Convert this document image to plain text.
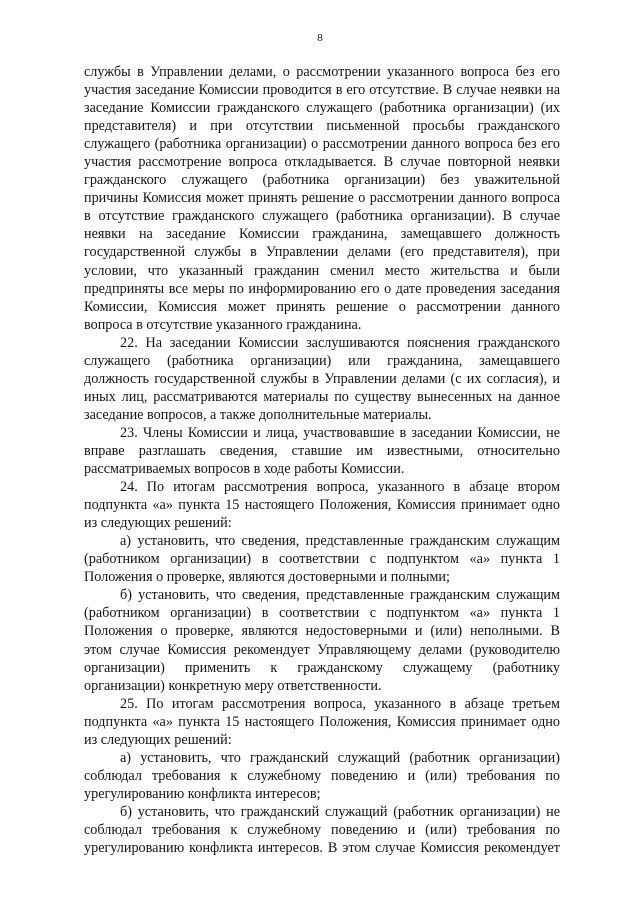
8
службы в Управлении делами, о рассмотрении указанного вопроса без его
участия заседание Комиссии проводится в его отсутствие. В случае неявки на
заседание Комиссии гражданского служащего (работника организации) (их
представителя) и при отсутствии письменной просьбы гражданского
служащего (работника организации) о рассмотрении данного вопроса без его
участия рассмотрение вопроса откладывается. В случае повторной неявки
гражданского служащего (работника организации) без уважительной
причины Комиссия может принять решение о рассмотрении данного вопроса
в отсутствие гражданского служащего (работника организации). В случае
неявки на заседание Комиссии гражданина, замещавшего должность
государственной службы в Управлении делами (его представителя), при
условии, что указанный гражданин сменил место жительства и были
предприняты все меры по информированию его о дате проведения заседания
Комиссии, Комиссия может принять решение о рассмотрении данного
вопроса в отсутствие указанного гражданина.
22. На заседании Комиссии заслушиваются пояснения гражданского
служащего (работника организации) или гражданина, замещавшего
должность государственной службы в Управлении делами (с их согласия), и
иных лиц, рассматриваются материалы по существу вынесенных на данное
заседание вопросов, а также дополнительные материалы.
23. Члены Комиссии и лица, участвовавшие в заседании Комиссии, не
вправе разглашать сведения, ставшие им известными, относительно
рассматриваемых вопросов в ходе работы Комиссии.
24. По итогам рассмотрения вопроса, указанного в абзаце втором
подпункта «а» пункта 15 настоящего Положения, Комиссия принимает одно
из следующих решений:
а) установить, что сведения, представленные гражданским служащим
(работником организации) в соответствии с подпунктом «а» пункта 1
Положения о проверке, являются достоверными и полными;
б) установить, что сведения, представленные гражданским служащим
(работником организации) в соответствии с подпунктом «а» пункта 1
Положения о проверке, являются недостоверными и (или) неполными. В
этом случае Комиссия рекомендует Управляющему делами (руководителю
организации) применить к гражданскому служащему (работнику
организации) конкретную меру ответственности.
25. По итогам рассмотрения вопроса, указанного в абзаце третьем
подпункта «а» пункта 15 настоящего Положения, Комиссия принимает одно
из следующих решений:
а) установить, что гражданский служащий (работник организации)
соблюдал требования к служебному поведению и (или) требования по
урегулированию конфликта интересов;
б) установить, что гражданский служащий (работник организации) не
соблюдал требования к служебному поведению и (или) требования по
урегулированию конфликта интересов. В этом случае Комиссия рекомендует
